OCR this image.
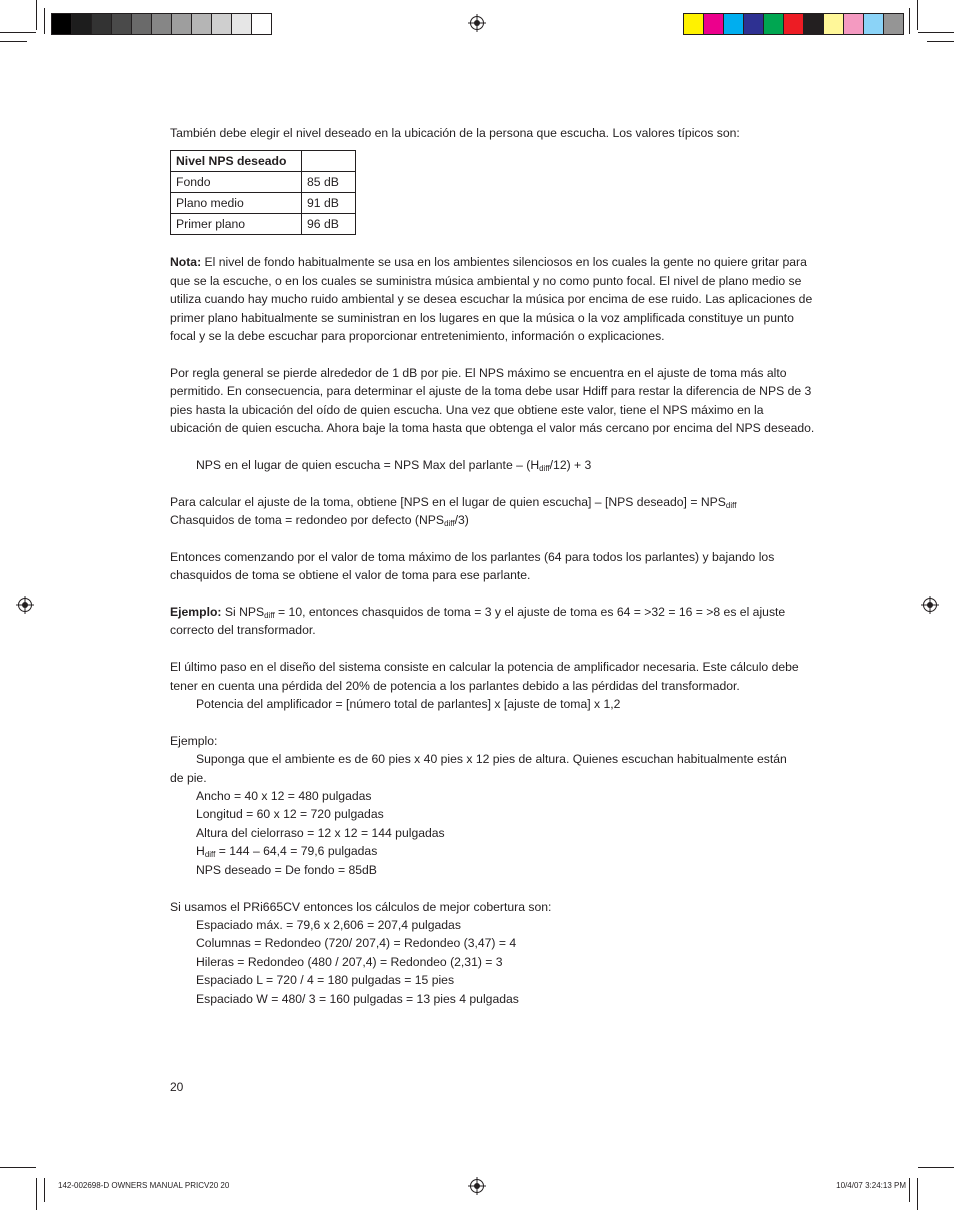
También debe elegir el nivel deseado en la ubicación de la persona que escucha. Los valores típicos son:

Nivel NPS deseado	
Fondo	85 dB
Plano medio	91 dB
Primer plano	96 dB

Nota: El nivel de fondo habitualmente se usa en los ambientes silenciosos en los cuales la gente no quiere gritar para que se la escuche, o en los cuales se suministra música ambiental y no como punto focal. El nivel de plano medio se utiliza cuando hay mucho ruido ambiental y se desea escuchar la música por encima de ese ruido. Las aplicaciones de primer plano habitualmente se suministran en los lugares en que la música o la voz amplificada constituye un punto focal y se la debe escuchar para proporcionar entretenimiento, información o explicaciones.

Por regla general se pierde alrededor de 1 dB por pie. El NPS máximo se encuentra en el ajuste de toma más alto permitido. En consecuencia, para determinar el ajuste de la toma debe usar Hdiff para restar la diferencia de NPS de 3 pies hasta la ubicación del oído de quien escucha. Una vez que obtiene este valor, tiene el NPS máximo en la ubicación de quien escucha. Ahora baje la toma hasta que obtenga el valor más cercano por encima del NPS deseado.

NPS en el lugar de quien escucha = NPS Max del parlante – $(H_{diff}/12) + 3$

Para calcular el ajuste de la toma, obtiene [NPS en el lugar de quien escucha] – [NPS deseado] = $NPS_{diff}$

Chasquidos de toma = redondeo por defecto $(NPS_{diff}/3)$

Entonces comenzando por el valor de toma máximo de los parlantes (64 para todos los parlantes) y bajando los chasquidos de toma se obtiene el valor de toma para ese parlante.

Ejemplo: Si $NPS_{diff} = 10$, entonces chasquidos de toma = 3 y el ajuste de toma es 64 = >32 = 16 = >8 es el ajuste correcto del transformador.

El último paso en el diseño del sistema consiste en calcular la potencia de amplificador necesaria. Este cálculo debe tener en cuenta una pérdida del 20% de potencia a los parlantes debido a las pérdidas del transformador.

Potencia del amplificador = [número total de parlantes] x [ajuste de toma] x 1,2

Ejemplo:

Suponga que el ambiente es de 60 pies x 40 pies x 12 pies de altura. Quienes escuchan habitualmente están
de pie.

Ancho = 40 x 12 = 480 pulgadas

Longitud = 60 x 12 = 720 pulgadas

Altura del cielorraso = 12 x 12 = 144 pulgadas

$H_{diff} = 144 - 64,4 = 79,6$ pulgadas

NPS deseado = De fondo = 85dB

Si usamos el PRi665CV entonces los cálculos de mejor cobertura son:

Espaciado máx. = 79,6 x 2,606 = 207,4 pulgadas

Columnas = Redondeo (720/ 207,4) = Redondeo (3,47) = 4

Hileras = Redondeo (480 / 207,4) = Redondeo (2,31) = 3

Espaciado L = 720 / 4 = 180 pulgadas = 15 pies

Espaciado W = 480/ 3 = 160 pulgadas = 13 pies 4 pulgadas

20
142-002698-D OWNERS MANUAL PRICV20 20	10/4/07 3:24:13 PM
